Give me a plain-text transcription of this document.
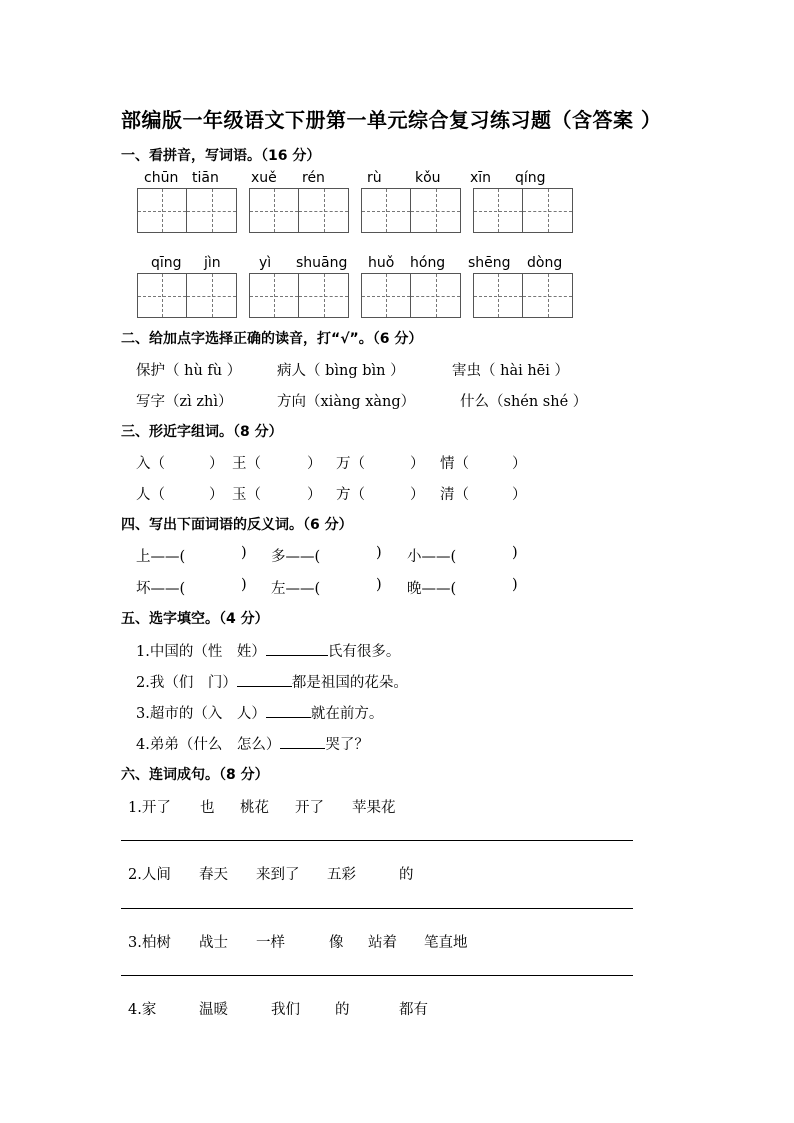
部编版一年级语文下册第一单元综合复习练习题（含答案 ）
一、看拼音，写词语。（16 分）
chūn tiān xuě rén	rù kǒu xīn qíng
qīng jìn	yì shuāng huǒ hóng shēng dòng
二、给加点字选择正确的读音，打“√”。（6 分）
保护（ hù fù ） 病人（ bìng bìn ）	害虫（ hài hēi ）
写字（zì zhì）	方向（xiàng xàng）	什么（shén shé ）
三、形近字组词。（8 分）
入（	） 王（	） 万（	） 情（	）
人（	） 玉（	） 方（	） 清（	）
四、写出下面词语的反义词。（6 分）
上——(	) 多——(	) 小——(	)
坏——(	) 左——(	) 晚——(	)
五、选字填空。（4 分）
1.中国的（性　姓）	氏有很多。
2.我（们　门）	都是祖国的花朵。
3.超市的（入　人）	就在前方。
4.弟弟（什么　怎么）	哭了？
六、连词成句。（8 分）
1.开了 也 桃花 开了 苹果花
2.人间 春天 来到了 五彩	的
3.柏树 战士 一样	像 站着 笔直地
4.家	温暖	我们 的	都有
